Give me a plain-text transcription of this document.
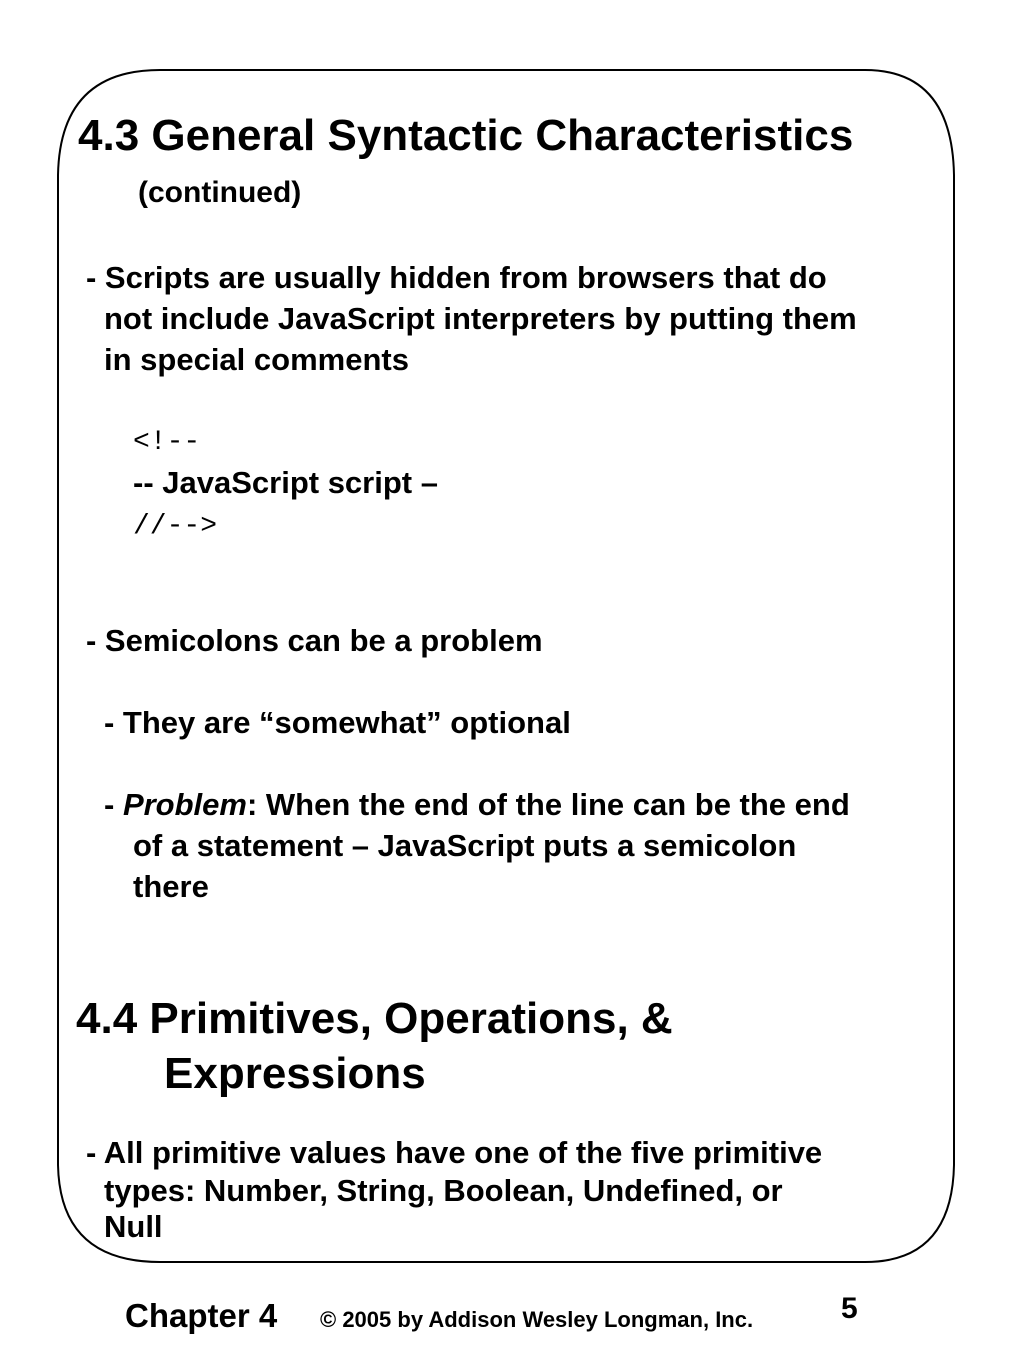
4.3 General Syntactic Characteristics
(continued)
- Scripts are usually hidden from browsers that do
not include JavaScript interpreters by putting them
in special comments
<!--
-- JavaScript script –
//-->
- Semicolons can be a problem
- They are “somewhat” optional
- Problem: When the end of the line can be the end
of a statement – JavaScript puts a semicolon
there
4.4 Primitives, Operations, &
Expressions
- All primitive values have one of the five primitive
types: Number, String, Boolean, Undefined, or
Null
Chapter 4 © 2005 by Addison Wesley Longman, Inc.	5
